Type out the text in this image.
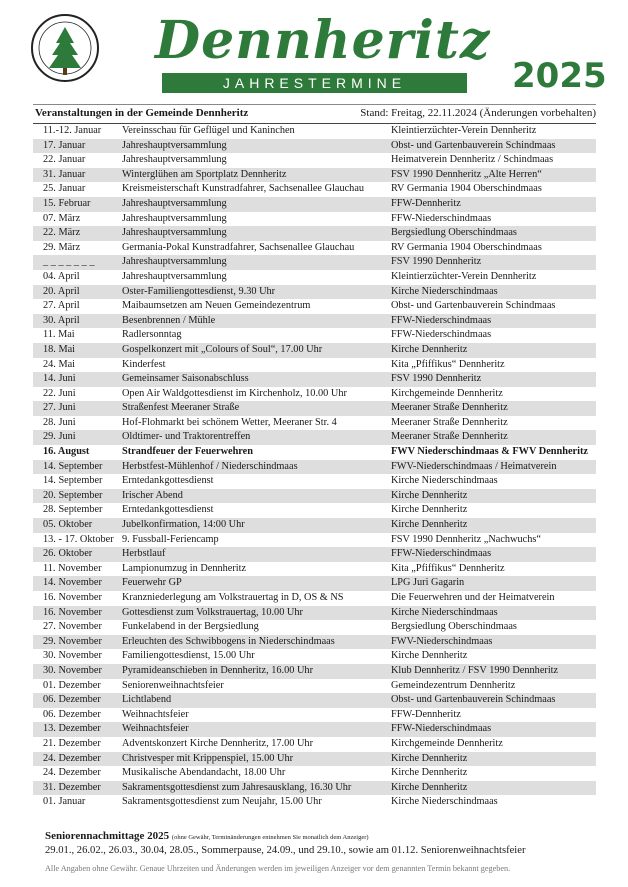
Dennheritz
JAHRESTERMINE	2025
Veranstaltungen in der Gemeinde Dennheritz	Stand: Freitag, 22.11.2024 (Änderungen vorbehalten)
11.-12. Januar Vereinsschau für Geflügel und Kaninchen	Kleintierzüchter-Verein Dennheritz
17. Januar	Jahreshauptversammlung	Obst- und Gartenbauverein Schindmaas
22. Januar	Jahreshauptversammlung	Heimatverein Dennheritz / Schindmaas
31. Januar	Winterglühen am Sportplatz Dennheritz	FSV 1990 Dennheritz „Alte Herren“
25. Januar	Kreismeisterschaft Kunstradfahrer, Sachsenallee Glauchau	RV Germania 1904 Oberschindmaas
15. Februar	Jahreshauptversammlung	FFW-Dennheritz
07. März	Jahreshauptversammlung	FFW-Niederschindmaas
22. März	Jahreshauptversammlung	Bergsiedlung Oberschindmaas
29. März	Germania-Pokal Kunstradfahrer, Sachsenallee Glauchau	RV Germania 1904 Oberschindmaas
_ _ _ _ _ _ _	Jahreshauptversammlung	FSV 1990 Dennheritz
04. April	Jahreshauptversammlung	Kleintierzüchter-Verein Dennheritz
20. April	Oster-Familiengottesdienst, 9.30 Uhr	Kirche Niederschindmaas
27. April	Maibaumsetzen am Neuen Gemeindezentrum	Obst- und Gartenbauverein Schindmaas
30. April	Besenbrennen / Mühle	FFW-Niederschindmaas
11. Mai	Radlersonntag	FFW-Niederschindmaas
18. Mai	Gospelkonzert mit „Colours of Soul“, 17.00 Uhr	Kirche Dennheritz
24. Mai	Kinderfest	Kita „Pfiffikus“ Dennheritz
14. Juni	Gemeinsamer Saisonabschluss	FSV 1990 Dennheritz
22. Juni	Open Air Waldgottesdienst im Kirchenholz, 10.00 Uhr	Kirchgemeinde Dennheritz
27. Juni	Straßenfest Meeraner Straße	Meeraner Straße Dennheritz
28. Juni	Hof-Flohmarkt bei schönem Wetter, Meeraner Str. 4	Meeraner Straße Dennheritz
29. Juni	Oldtimer- und Traktorentreffen	Meeraner Straße Dennheritz
16. August	Strandfeuer der Feuerwehren	FWV Niederschindmaas & FWV Dennheritz
14. September Herbstfest-Mühlenhof / Niederschindmaas	FWV-Niederschindmaas / Heimatverein
14. September Erntedankgottesdienst	Kirche Niederschindmaas
20. September Irischer Abend	Kirche Dennheritz
28. September Erntedankgottesdienst	Kirche Dennheritz
05. Oktober	Jubelkonfirmation, 14:00 Uhr	Kirche Dennheritz
13. - 17. Oktober 9. Fussball-Feriencamp	FSV 1990 Dennheritz „Nachwuchs“
26. Oktober	Herbstlauf	FFW-Niederschindmaas
11. November Lampionumzug in Dennheritz	Kita „Pfiffikus“ Dennheritz
14. November Feuerwehr GP	LPG Juri Gagarin
16. November Kranzniederlegung am Volkstrauertag in D, OS & NS	Die Feuerwehren und der Heimatverein
16. November Gottesdienst zum Volkstrauertag, 10.00 Uhr	Kirche Niederschindmaas
27. November Funkelabend in der Bergsiedlung	Bergsiedlung Oberschindmaas
29. November Erleuchten des Schwibbogens in Niederschindmaas	FWV-Niederschindmaas
30. November Familiengottesdienst, 15.00 Uhr	Kirche Dennheritz
30. November Pyramideanschieben in Dennheritz, 16.00 Uhr	Klub Dennheritz / FSV 1990 Dennheritz
01. Dezember Seniorenweihnachtsfeier	Gemeindezentrum Dennheritz
06. Dezember Lichtlabend	Obst- und Gartenbauverein Schindmaas
06. Dezember Weihnachtsfeier	FFW-Dennheritz
13. Dezember Weihnachtsfeier	FFW-Niederschindmaas
21. Dezember Adventskonzert Kirche Dennheritz, 17.00 Uhr	Kirchgemeinde Dennheritz
24. Dezember Christvesper mit Krippenspiel, 15.00 Uhr	Kirche Dennheritz
24. Dezember Musikalische Abendandacht, 18.00 Uhr	Kirche Dennheritz
31. Dezember Sakramentsgottesdienst zum Jahresausklang, 16.30 Uhr	Kirche Dennheritz
01. Januar	Sakramentsgottesdienst zum Neujahr, 15.00 Uhr	Kirche Niederschindmaas
Seniorennachmittage 2025 (ohne Gewähr, Terminänderungen entnehmen Sie monatlich dem Anzeiger)
29.01., 26.02., 26.03., 30.04, 28.05., Sommerpause, 24.09., und 29.10., sowie am 01.12. Seniorenweihnachtsfeier
Alle Angaben ohne Gewähr. Genaue Uhrzeiten und Änderungen werden im jeweiligen Anzeiger vor dem genannten Termin bekannt gegeben.
